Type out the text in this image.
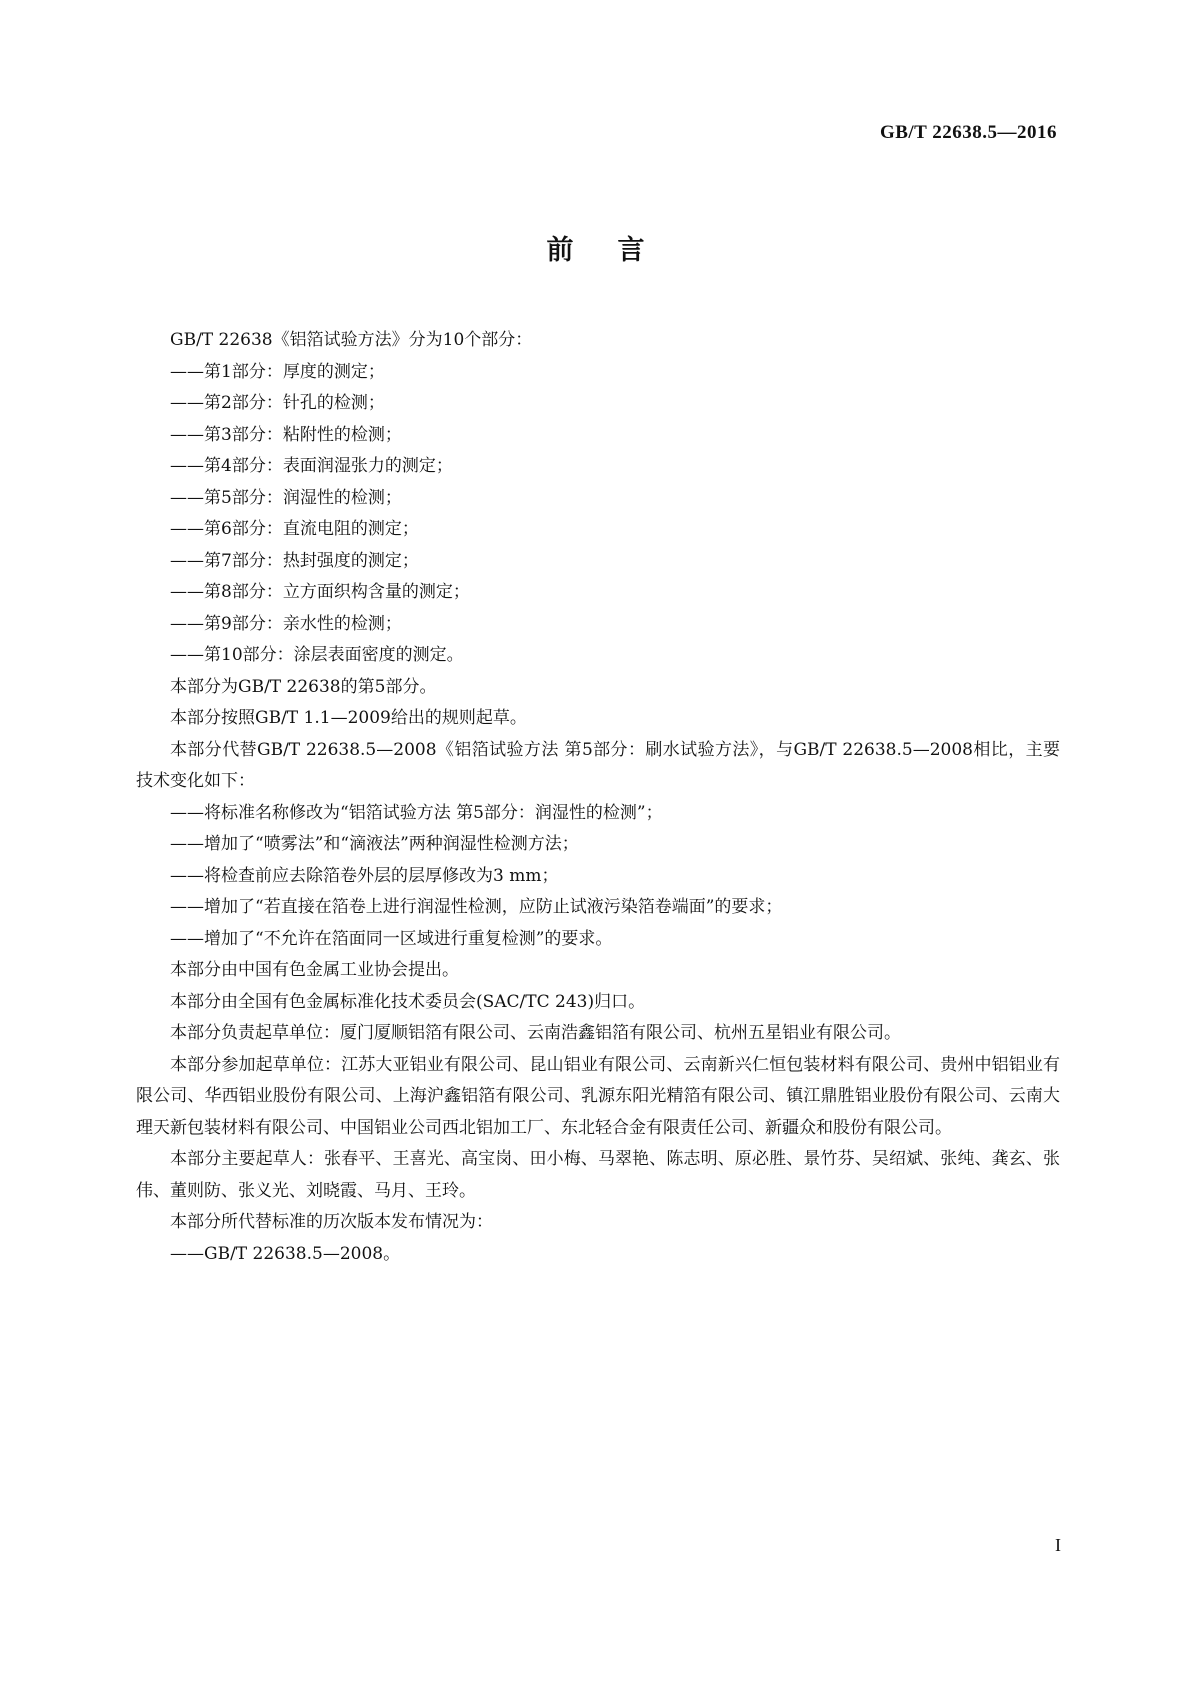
GB/T 22638.5—2016
前言

GB/T 22638《铝箔试验方法》分为10个部分：

——第1部分：厚度的测定；

——第2部分：针孔的检测；

——第3部分：粘附性的检测；

——第4部分：表面润湿张力的测定；

——第5部分：润湿性的检测；

——第6部分：直流电阻的测定；

——第7部分：热封强度的测定；

——第8部分：立方面织构含量的测定；

——第9部分：亲水性的检测；

——第10部分：涂层表面密度的测定。

本部分为GB/T 22638的第5部分。

本部分按照GB/T 1.1—2009给出的规则起草。

本部分代替GB/T 22638.5—2008《铝箔试验方法 第5部分：刷水试验方法》，与GB/T 22638.5—2008相比，主要技术变化如下：

——将标准名称修改为“铝箔试验方法 第5部分：润湿性的检测”；

——增加了“喷雾法”和“滴液法”两种润湿性检测方法；

——将检查前应去除箔卷外层的层厚修改为3 mm；

——增加了“若直接在箔卷上进行润湿性检测，应防止试液污染箔卷端面”的要求；

——增加了“不允许在箔面同一区域进行重复检测”的要求。

本部分由中国有色金属工业协会提出。

本部分由全国有色金属标准化技术委员会(SAC/TC 243)归口。

本部分负责起草单位：厦门厦顺铝箔有限公司、云南浩鑫铝箔有限公司、杭州五星铝业有限公司。

本部分参加起草单位：江苏大亚铝业有限公司、昆山铝业有限公司、云南新兴仁恒包装材料有限公司、贵州中铝铝业有限公司、华西铝业股份有限公司、上海沪鑫铝箔有限公司、乳源东阳光精箔有限公司、镇江鼎胜铝业股份有限公司、云南大理天新包装材料有限公司、中国铝业公司西北铝加工厂、东北轻合金有限责任公司、新疆众和股份有限公司。

本部分主要起草人：张春平、王喜光、高宝岗、田小梅、马翠艳、陈志明、原必胜、景竹芬、吴绍斌、张纯、龚玄、张伟、董则防、张义光、刘晓霞、马月、王玲。

本部分所代替标准的历次版本发布情况为：

——GB/T 22638.5—2008。

I
